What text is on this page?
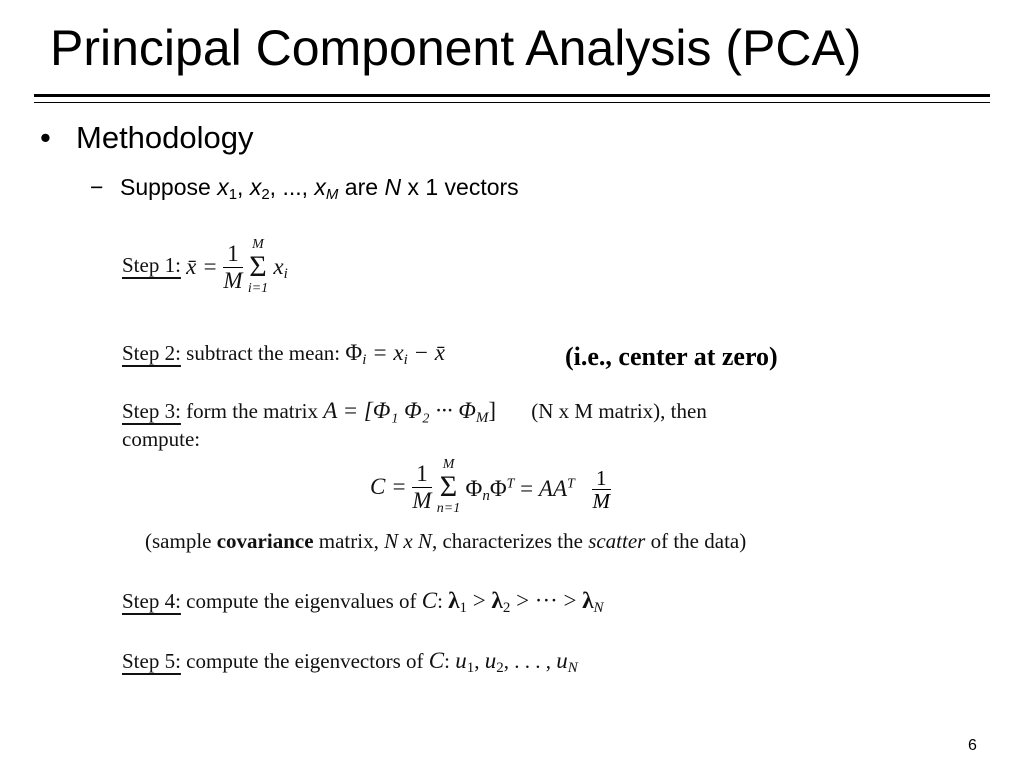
Principal Component Analysis (PCA)
• Methodology
− Suppose $x_1$, $x_2$, ..., $x_M$ are N x 1 vectors
Step 1: x̄ = $\frac{1}{M}$
M
Σ
i=1
$x_i$
Step 2: subtract the mean: $\Phi_i = x_i$ − x̄	(i.e., center at zero)
Step 3: form the matrix A = [Φ₁ Φ₂ ··· $\Phi_M$] (N x M matrix), then
compute:
$C = \frac{1}{M}$
M
Σ
n=1
$\Phi_n\Phi^T = AA^T$ 1
M
(sample covariance matrix, N x N, characterizes the scatter of the data)
Step 4: compute the eigenvalues of C: $\lambda_1 > \lambda_2$ > ··· > $\lambda_N$
Step 5: compute the eigenvectors of C: $u_1$, $u_2$, . . . , $u_N$
6
